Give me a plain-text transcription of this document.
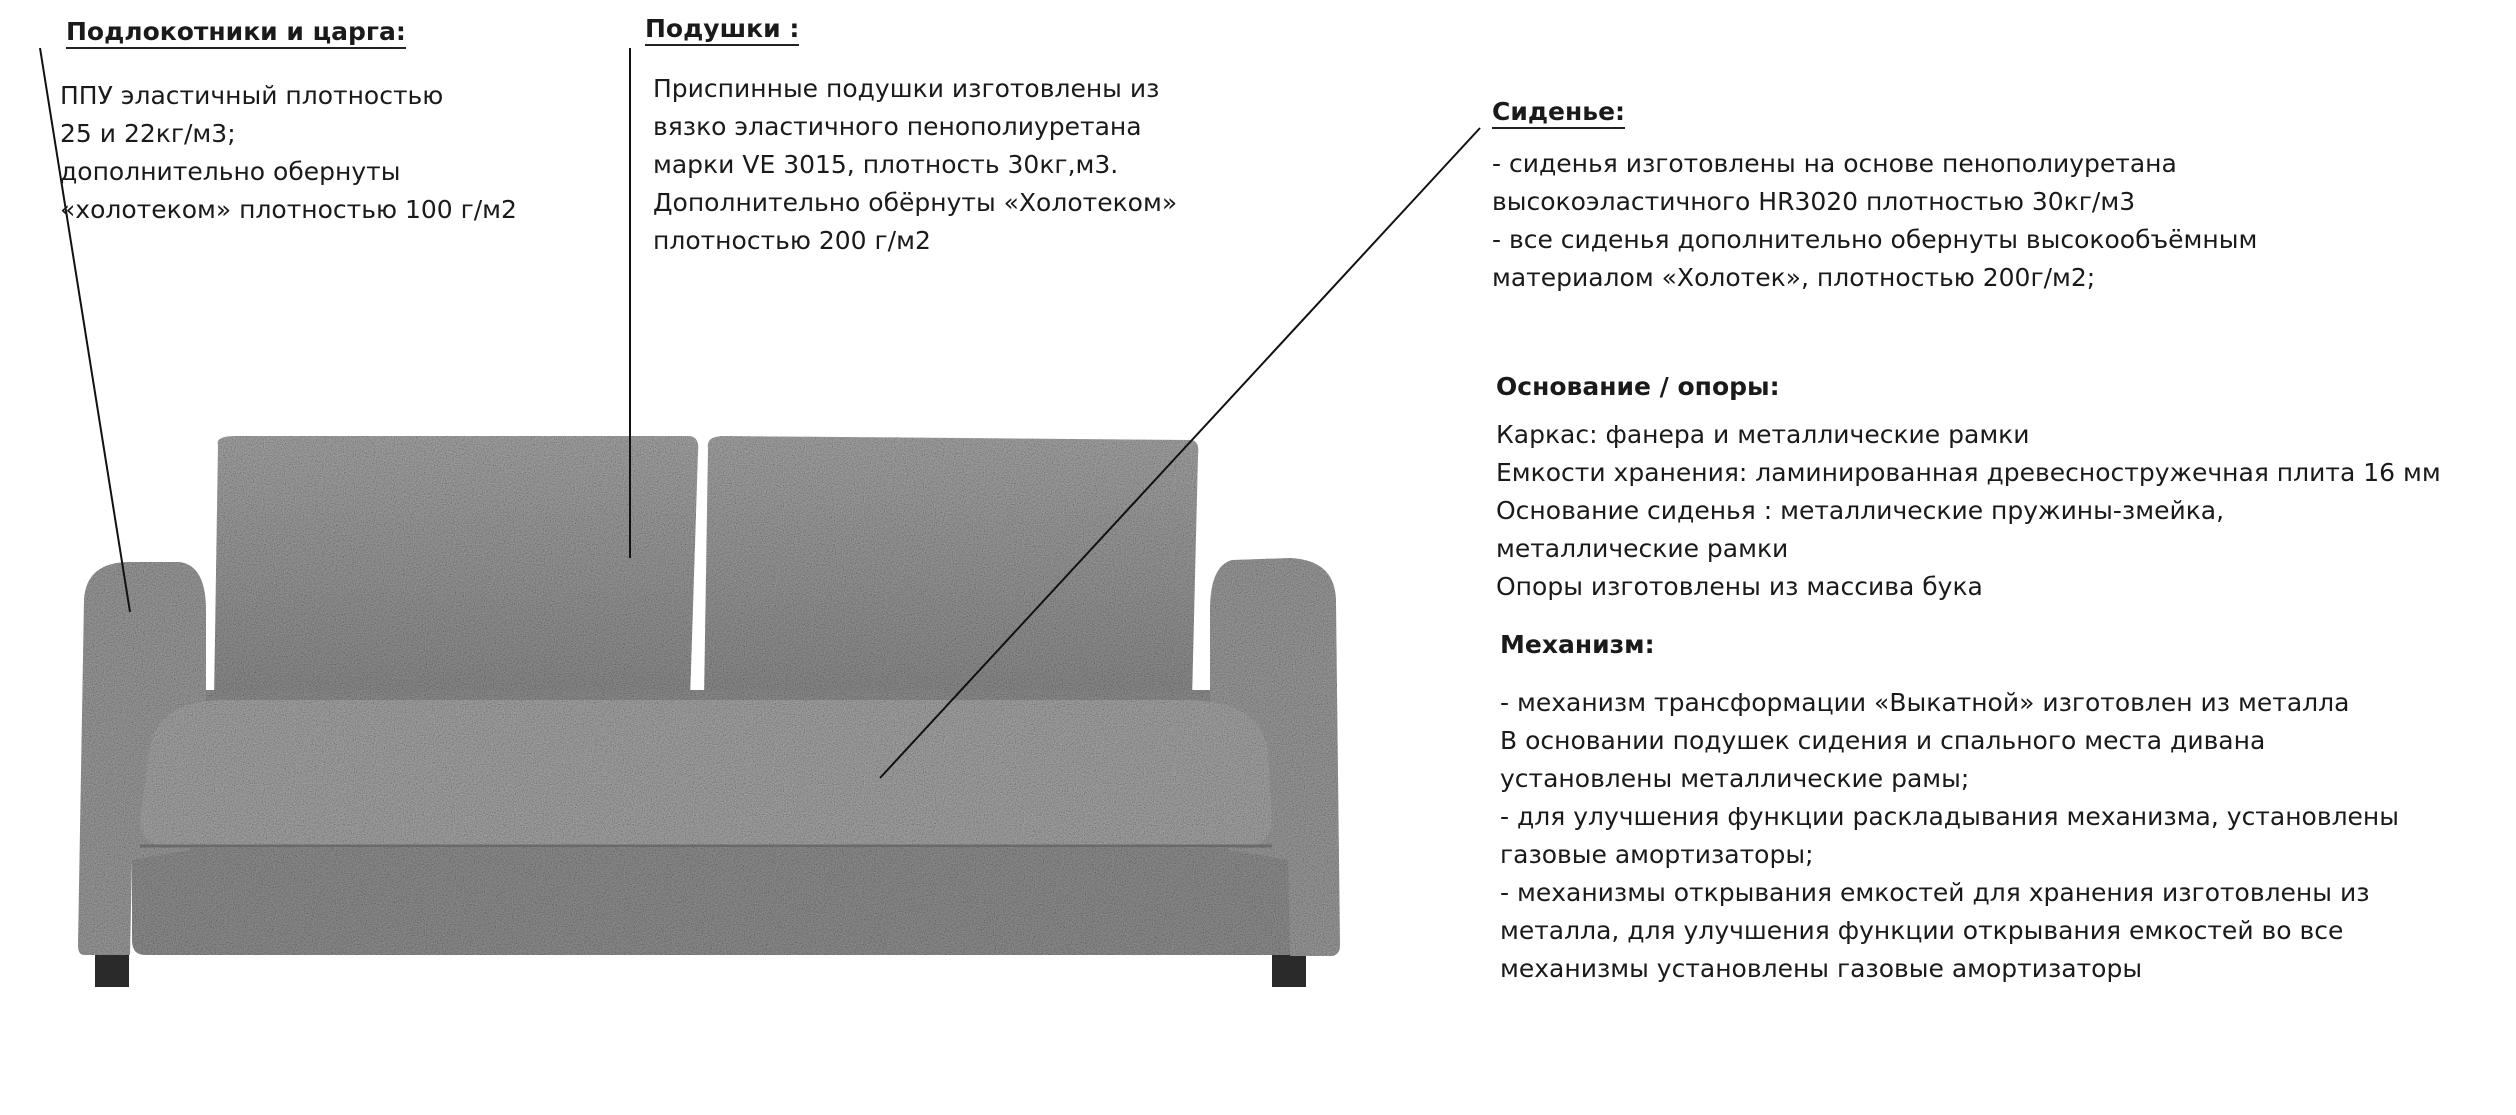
Подлокотники и царга:
ППУ эластичный плотностью
25 и 22кг/м3;
дополнительно обернуты
«холотеком» плотностью 100 г/м2
Подушки :
Приспинные подушки изготовлены из
вязко эластичного пенополиуретана
марки VE 3015, плотность 30кг,м3.
Дополнительно обёрнуты «Холотеком»
плотностью 200 г/м2
Сиденье:
- сиденья изготовлены на основе пенополиуретана
высокоэластичного HR3020 плотностью 30кг/м3
- все сиденья дополнительно обернуты высокообъёмным
материалом «Холотек», плотностью 200г/м2;
Основание / опоры:
Каркас: фанера и металлические рамки
Емкости хранения: ламинированная древесностружечная плита 16 мм
Основание сиденья : металлические пружины-змейка,
металлические рамки
Опоры изготовлены из массива бука
Механизм:
- механизм трансформации «Выкатной» изготовлен из металла
В основании подушек сидения и спального места дивана
установлены металлические рамы;
- для улучшения функции раскладывания механизма, установлены
газовые амортизаторы;
- механизмы открывания емкостей для хранения изготовлены из
металла, для улучшения функции открывания емкостей во все
механизмы установлены газовые амортизаторы
